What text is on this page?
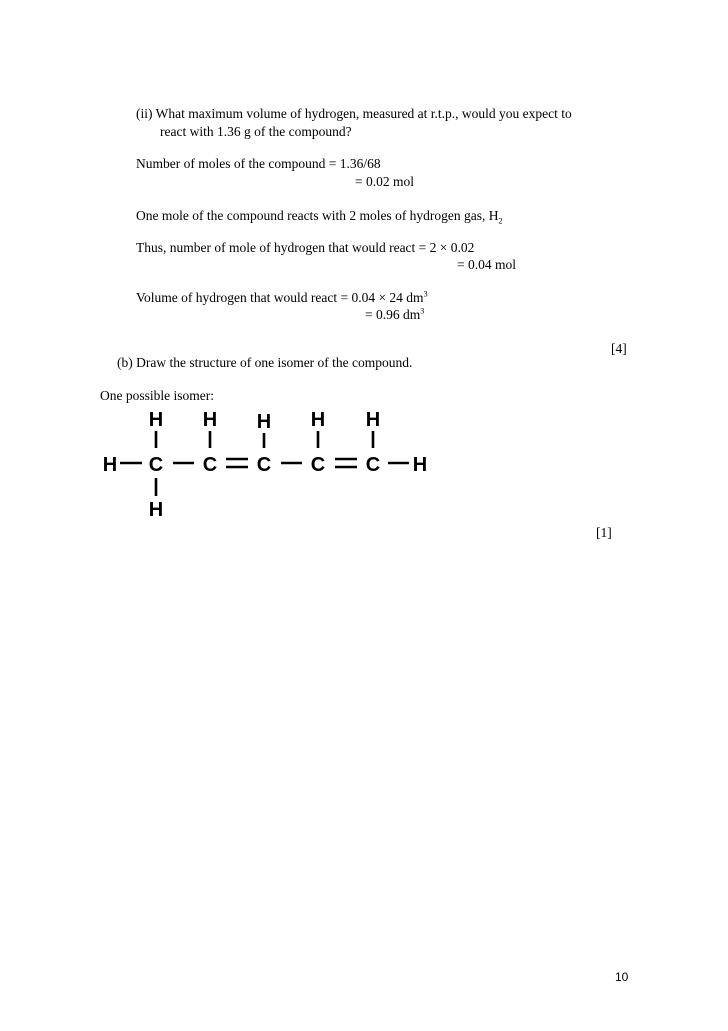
(ii) What maximum volume of hydrogen, measured at r.t.p., would you expect to
react with 1.36 g of the compound?
Number of moles of the compound = 1.36/68
= 0.02 mol
One mole of the compound reacts with 2 moles of hydrogen gas, $H_2$
Thus, number of mole of hydrogen that would react = 2 × 0.02
= 0.04 mol
Volume of hydrogen that would react = 0.04 × 24 $dm^3$
= 0.96 $dm^3$
[4]
(b) Draw the structure of one isomer of the compound.
One possible isomer:
H H H H H
H C C C C C H
H
[1]
10
